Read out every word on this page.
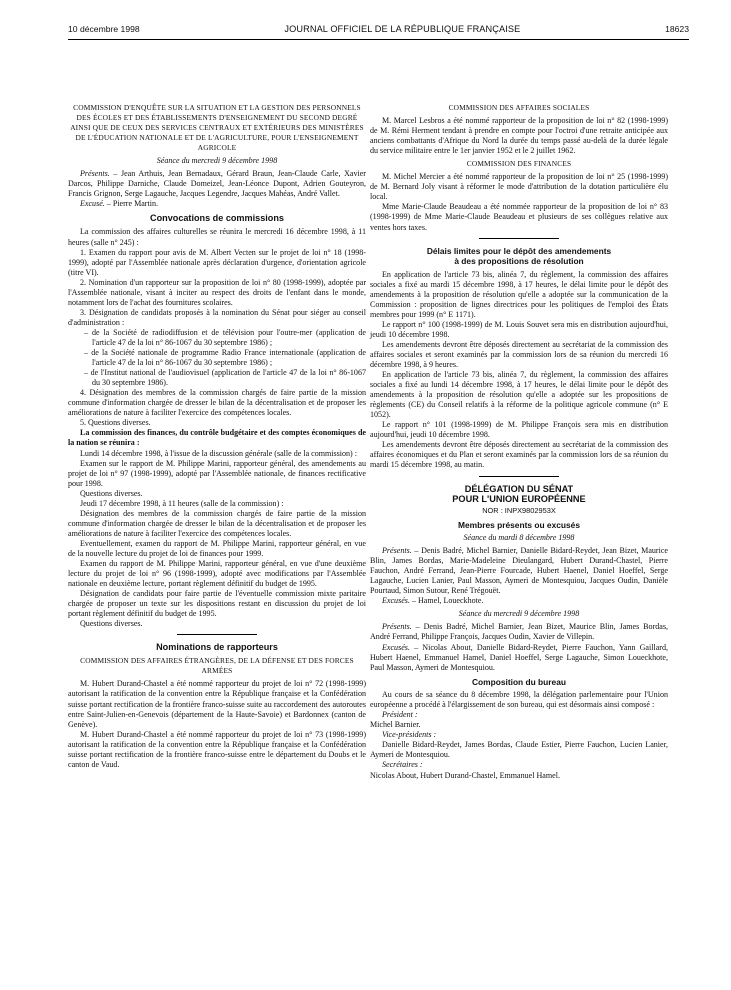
10 décembre 1998	JOURNAL OFFICIEL DE LA RÉPUBLIQUE FRANÇAISE	18623

COMMISSION D'ENQUÊTE SUR LA SITUATION ET LA GESTION DES PERSONNELS DES ÉCOLES ET DES ÉTABLISSEMENTS D'ENSEIGNEMENT DU SECOND DEGRÉ AINSI QUE DE CEUX DES SERVICES CENTRAUX ET EXTÉRIEURS DES MINISTÈRES DE L'ÉDUCATION NATIONALE ET DE L'AGRICULTURE, POUR L'ENSEIGNEMENT AGRICOLE

Séance du mercredi 9 décembre 1998

Présents. – Jean Arthuis, Jean Bernadaux, Gérard Braun, Jean-Claude Carle, Xavier Darcos, Philippe Darniche, Claude Domeizel, Jean-Léonce Dupont, Adrien Gouteyron, Francis Grignon, Serge Lagauche, Jacques Legendre, Jacques Mahéas, André Vallet.

Excusé. – Pierre Martin.

Convocations de commissions

La commission des affaires culturelles se réunira le mercredi 16 décembre 1998, à 11 heures (salle n° 245) :

1. Examen du rapport pour avis de M. Albert Vecten sur le projet de loi n° 18 (1998-1999), adopté par l'Assemblée nationale après déclaration d'urgence, d'orientation agricole (titre VI).

2. Nomination d'un rapporteur sur la proposition de loi n° 80 (1998-1999), adoptée par l'Assemblée nationale, visant à inciter au respect des droits de l'enfant dans le monde, notamment lors de l'achat des fournitures scolaires.

3. Désignation de candidats proposés à la nomination du Sénat pour siéger au conseil d'administration :

– de la Société de radiodiffusion et de télévision pour l'outre-mer (application de l'article 47 de la loi n° 86-1067 du 30 septembre 1986) ;
– de la Société nationale de programme Radio France internationale (application de l'article 47 de la loi n° 86-1067 du 30 septembre 1986) ;
– de l'Institut national de l'audiovisuel (application de l'article 47 de la loi n° 86-1067 du 30 septembre 1986).

4. Désignation des membres de la commission chargés de faire partie de la mission commune d'information chargée de dresser le bilan de la décentralisation et de proposer les améliorations de nature à faciliter l'exercice des compétences locales.

5. Questions diverses.

La commission des finances, du contrôle budgétaire et des comptes économiques de la nation se réunira :

Lundi 14 décembre 1998, à l'issue de la discussion générale (salle de la commission) :

Examen sur le rapport de M. Philippe Marini, rapporteur général, des amendements au projet de loi n° 97 (1998-1999), adopté par l'Assemblée nationale, de finances rectificative pour 1998.

Questions diverses.

Jeudi 17 décembre 1998, à 11 heures (salle de la commission) :

Désignation des membres de la commission chargés de faire partie de la mission commune d'information chargée de dresser le bilan de la décentralisation et de proposer les améliorations de nature à faciliter l'exercice des compétences locales.

Eventuellement, examen du rapport de M. Philippe Marini, rapporteur général, en vue de la nouvelle lecture du projet de loi de finances pour 1999.

Examen du rapport de M. Philippe Marini, rapporteur général, en vue d'une deuxième lecture du projet de loi n° 96 (1998-1999), adopté avec modifications par l'Assemblée nationale en deuxième lecture, portant règlement définitif du budget de 1995.

Désignation de candidats pour faire partie de l'éventuelle commission mixte paritaire chargée de proposer un texte sur les dispositions restant en discussion du projet de loi portant règlement définitif du budget de 1995.

Questions diverses.

Nominations de rapporteurs

COMMISSION DES AFFAIRES ÉTRANGÈRES, DE LA DÉFENSE ET DES FORCES ARMÉES

M. Hubert Durand-Chastel a été nommé rapporteur du projet de loi n° 72 (1998-1999) autorisant la ratification de la convention entre la République française et la Confédération suisse portant rectification de la frontière franco-suisse suite au raccordement des autoroutes entre Saint-Julien-en-Genevois (département de la Haute-Savoie) et Bardonnex (canton de Genève).

M. Hubert Durand-Chastel a été nommé rapporteur du projet de loi n° 73 (1998-1999) autorisant la ratification de la convention entre la République française et la Confédération suisse portant rectification de la frontière franco-suisse entre le département du Doubs et le canton de Vaud.

COMMISSION DES AFFAIRES SOCIALES

M. Marcel Lesbros a été nommé rapporteur de la proposition de loi n° 82 (1998-1999) de M. Rémi Herment tendant à prendre en compte pour l'octroi d'une retraite anticipée aux anciens combattants d'Afrique du Nord la durée du temps passé au-delà de la durée légale du service militaire entre le 1er janvier 1952 et le 2 juillet 1962.

COMMISSION DES FINANCES

M. Michel Mercier a été nommé rapporteur de la proposition de loi n° 25 (1998-1999) de M. Bernard Joly visant à réformer le mode d'attribution de la dotation particulière élu local.

Mme Marie-Claude Beaudeau a été nommée rapporteur de la proposition de loi n° 83 (1998-1999) de Mme Marie-Claude Beaudeau et plusieurs de ses collègues relative aux ventes hors taxes.

Délais limites pour le dépôt des amendements
à des propositions de résolution

En application de l'article 73 bis, alinéa 7, du règlement, la commission des affaires sociales a fixé au mardi 15 décembre 1998, à 17 heures, le délai limite pour le dépôt des amendements à la proposition de résolution qu'elle a adoptée sur la communication de la Commission : proposition de lignes directrices pour les politiques de l'emploi des États membres pour 1999 (n° E 1171).

Le rapport n° 100 (1998-1999) de M. Louis Souvet sera mis en distribution aujourd'hui, jeudi 10 décembre 1998.

Les amendements devront être déposés directement au secrétariat de la commission des affaires sociales et seront examinés par la commission lors de sa réunion du mercredi 16 décembre 1998, à 9 heures.

En application de l'article 73 bis, alinéa 7, du règlement, la commission des affaires sociales a fixé au lundi 14 décembre 1998, à 17 heures, le délai limite pour le dépôt des amendements à la proposition de résolution qu'elle a adoptée sur les propositions de règlements (CE) du Conseil relatifs à la réforme de la politique agricole commune (n° E 1052).

Le rapport n° 101 (1998-1999) de M. Philippe François sera mis en distribution aujourd'hui, jeudi 10 décembre 1998.

Les amendements devront être déposés directement au secrétariat de la commission des affaires économiques et du Plan et seront examinés par la commission lors de sa réunion du mardi 15 décembre 1998, au matin.

DÉLÉGATION DU SÉNAT
POUR L'UNION EUROPÉENNE
NOR : INPX9802953X
Membres présents ou excusés

Séance du mardi 8 décembre 1998

Présents. – Denis Badré, Michel Barnier, Danielle Bidard-Reydet, Jean Bizet, Maurice Blin, James Bordas, Marie-Madeleine Dieulangard, Hubert Durand-Chastel, Pierre Fauchon, André Ferrand, Jean-Pierre Fourcade, Hubert Haenel, Daniel Hoeffel, Serge Lagauche, Lucien Lanier, Paul Masson, Aymeri de Montesquiou, Jacques Oudin, Danièle Pourtaud, Simon Sutour, René Trégouët.

Excusés. – Hamel, Loueckhote.

Séance du mercredi 9 décembre 1998

Présents. – Denis Badré, Michel Barnier, Jean Bizet, Maurice Blin, James Bordas, André Ferrand, Philippe François, Jacques Oudin, Xavier de Villepin.

Excusés. – Nicolas About, Danielle Bidard-Reydet, Pierre Fauchon, Yann Gaillard, Hubert Haenel, Emmanuel Hamel, Daniel Hoeffel, Serge Lagauche, Simon Loueckhote, Paul Masson, Aymeri de Montesquiou.

Composition du bureau

Au cours de sa séance du 8 décembre 1998, la délégation parlementaire pour l'Union européenne a procédé à l'élargissement de son bureau, qui est désormais ainsi composé :

Président :

Michel Barnier.

Vice-présidents :

Danielle Bidard-Reydet, James Bordas, Claude Estier, Pierre Fauchon, Lucien Lanier, Aymeri de Montesquiou.

Secrétaires :

Nicolas About, Hubert Durand-Chastel, Emmanuel Hamel.
